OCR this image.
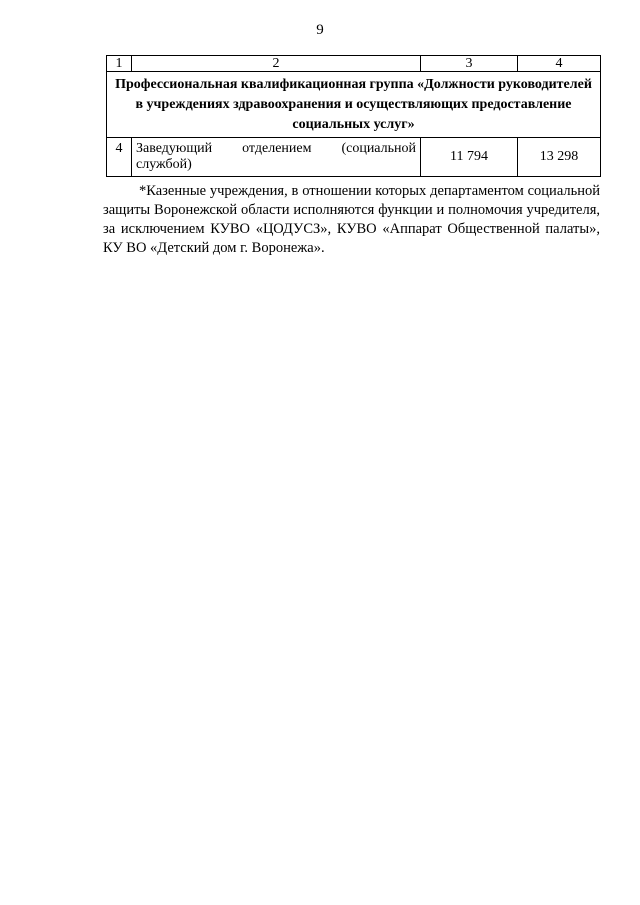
9
1	2	3	4
Профессиональная квалификационная группа «Должности руководителей в учреждениях здравоохранения и осуществляющих предоставление социальных услуг»			
4	Заведующий отделением (социальной службой)	11 794	13 298

*Казенные учреждения, в отношении которых департаментом социальной защиты Воронежской области исполняются функции и полномочия учредителя, за исключением КУВО «ЦОДУСЗ», КУВО «Аппарат Общественной палаты», КУ ВО «Детский дом г. Воронежа».
